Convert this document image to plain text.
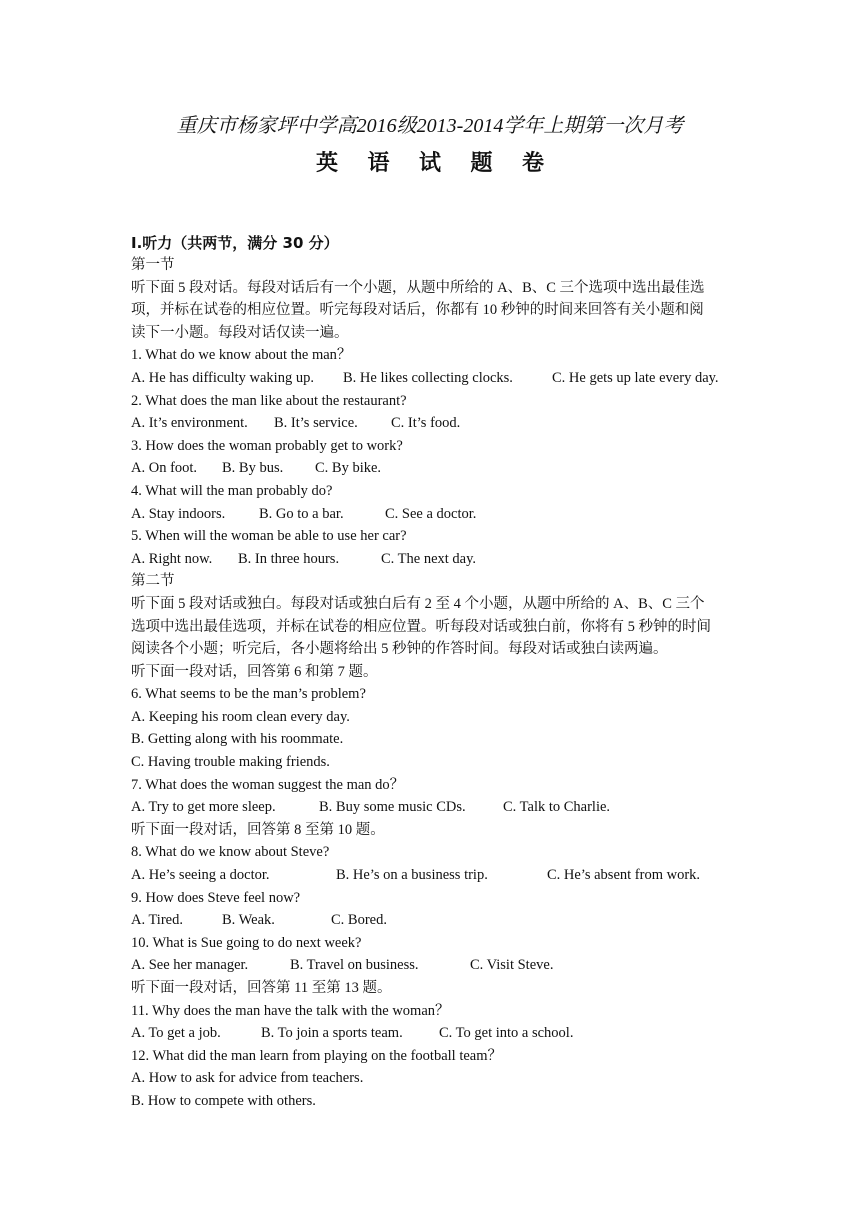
重庆市杨家坪中学高2016级2013-2014学年上期第一次月考
英 语 试 题 卷
Ⅰ.听力（共两节，满分 30 分）
第一节
听下面 5 段对话。每段对话后有一个小题，从题中所给的 A、B、C 三个选项中选出最佳选
项，并标在试卷的相应位置。听完每段对话后，你都有 10 秒钟的时间来回答有关小题和阅
读下一小题。每段对话仅读一遍。
1. What do we know about the man？
A. He has difficulty waking up. B. He likes collecting clocks.	C. He gets up late every day.
2. What does the man like about the restaurant?
A. It’s environment. B. It’s service. C. It’s food.
3. How does the woman probably get to work?
A. On foot. B. By bus. C. By bike.
4. What will the man probably do?
A. Stay indoors. B. Go to a bar.	C. See a doctor.
5. When will the woman be able to use her car?
A. Right now. B. In three hours.	C. The next day.
第二节
听下面 5 段对话或独白。每段对话或独白后有 2 至 4 个小题，从题中所给的 A、B、C 三个
选项中选出最佳选项，并标在试卷的相应位置。听每段对话或独白前，你将有 5 秒钟的时间
阅读各个小题；听完后，各小题将给出 5 秒钟的作答时间。每段对话或独白读两遍。
听下面一段对话，回答第 6 和第 7 题。
6. What seems to be the man’s problem?
A. Keeping his room clean every day.
B. Getting along with his roommate.
C. Having trouble making friends.
7. What does the woman suggest the man do？
A. Try to get more sleep.	B. Buy some music CDs.	C. Talk to Charlie.
听下面一段对话，回答第 8 至第 10 题。
8. What do we know about Steve?
A. He’s seeing a doctor.	B. He’s on a business trip.	C. He’s absent from work.
9. How does Steve feel now?
A. Tired.	B. Weak.	C. Bored.
10. What is Sue going to do next week?
A. See her manager.	B. Travel on business.	C. Visit Steve.
听下面一段对话，回答第 11 至第 13 题。
11. Why does the man have the talk with the woman？
A. To get a job.	B. To join a sports team.	C. To get into a school.
12. What did the man learn from playing on the football team？
A. How to ask for advice from teachers.
B. How to compete with others.
